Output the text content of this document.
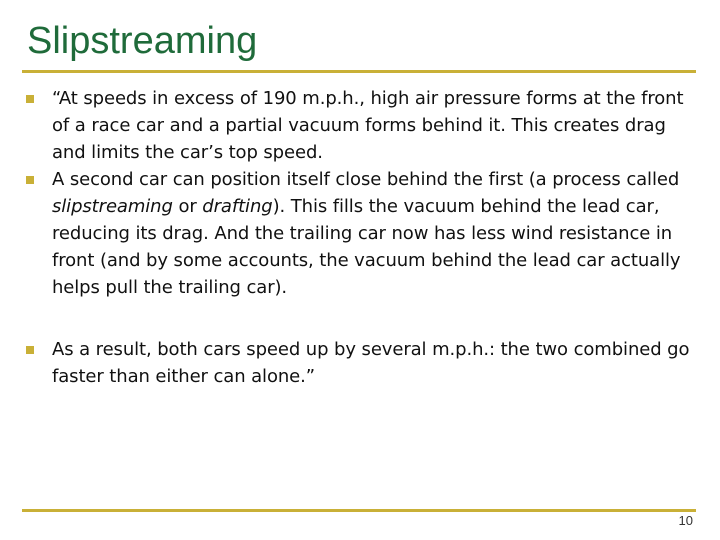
Slipstreaming
“At speeds in excess of 190 m.p.h., high air pressure forms at the front of a race car and a partial vacuum forms behind it. This creates drag and limits the car’s top speed.
A second car can position itself close behind the first (a process called slipstreaming or drafting). This fills the vacuum behind the lead car, reducing its drag. And the trailing car now has less wind resistance in front (and by some accounts, the vacuum behind the lead car actually helps pull the trailing car).
As a result, both cars speed up by several m.p.h.: the two combined go faster than either can alone.”
10
